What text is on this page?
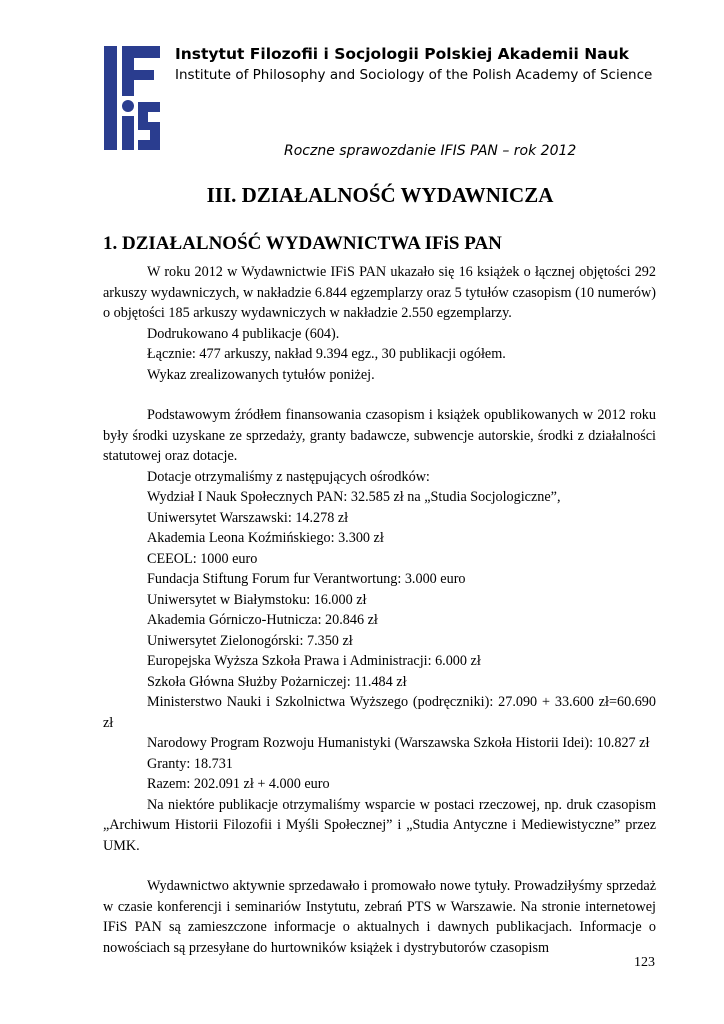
Instytut Filozofii i Socjologii Polskiej Akademii Nauk
Institute of Philosophy and Sociology of the Polish Academy of Science
Roczne sprawozdanie IFIS PAN – rok 2012
III. DZIAŁALNOŚĆ WYDAWNICZA
1. DZIAŁALNOŚĆ WYDAWNICTWA IFiS PAN

W roku 2012 w Wydawnictwie IFiS PAN ukazało się 16 książek o łącznej objętości 292 arkuszy wydawniczych, w nakładzie 6.844 egzemplarzy oraz 5 tytułów czasopism (10 numerów) o objętości 185 arkuszy wydawniczych w nakładzie 2.550 egzemplarzy.

Dodrukowano 4 publikacje (604).

Łącznie: 477 arkuszy, nakład 9.394 egz., 30 publikacji ogółem.

Wykaz zrealizowanych tytułów poniżej.

Podstawowym źródłem finansowania czasopism i książek opublikowanych w 2012 roku były środki uzyskane ze sprzedaży, granty badawcze, subwencje autorskie, środki z działalności statutowej oraz dotacje.

Dotacje otrzymaliśmy z następujących ośrodków:

Wydział I Nauk Społecznych PAN: 32.585 zł na „Studia Socjologiczne”,

Uniwersytet Warszawski: 14.278 zł

Akademia Leona Koźmińskiego: 3.300 zł

CEEOL: 1000 euro

Fundacja Stiftung Forum fur Verantwortung: 3.000 euro

Uniwersytet w Białymstoku: 16.000 zł

Akademia Górniczo-Hutnicza: 20.846 zł

Uniwersytet Zielonogórski: 7.350 zł

Europejska Wyższa Szkoła Prawa i Administracji: 6.000 zł

Szkoła Główna Służby Pożarniczej: 11.484 zł

Ministerstwo Nauki i Szkolnictwa Wyższego (podręczniki): 27.090 + 33.600 zł=60.690 zł

Narodowy Program Rozwoju Humanistyki (Warszawska Szkoła Historii Idei): 10.827 zł

Granty: 18.731

Razem: 202.091 zł + 4.000 euro

Na niektóre publikacje otrzymaliśmy wsparcie w postaci rzeczowej, np. druk czasopism „Archiwum Historii Filozofii i Myśli Społecznej” i „Studia Antyczne i Mediewistyczne” przez UMK.

Wydawnictwo aktywnie sprzedawało i promowało nowe tytuły. Prowadziłyśmy sprzedaż w czasie konferencji i seminariów Instytutu, zebrań PTS w Warszawie. Na stronie internetowej IFiS PAN są zamieszczone informacje o aktualnych i dawnych publikacjach. Informacje o nowościach są przesyłane do hurtowników książek i dystrybutorów czasopism

123
